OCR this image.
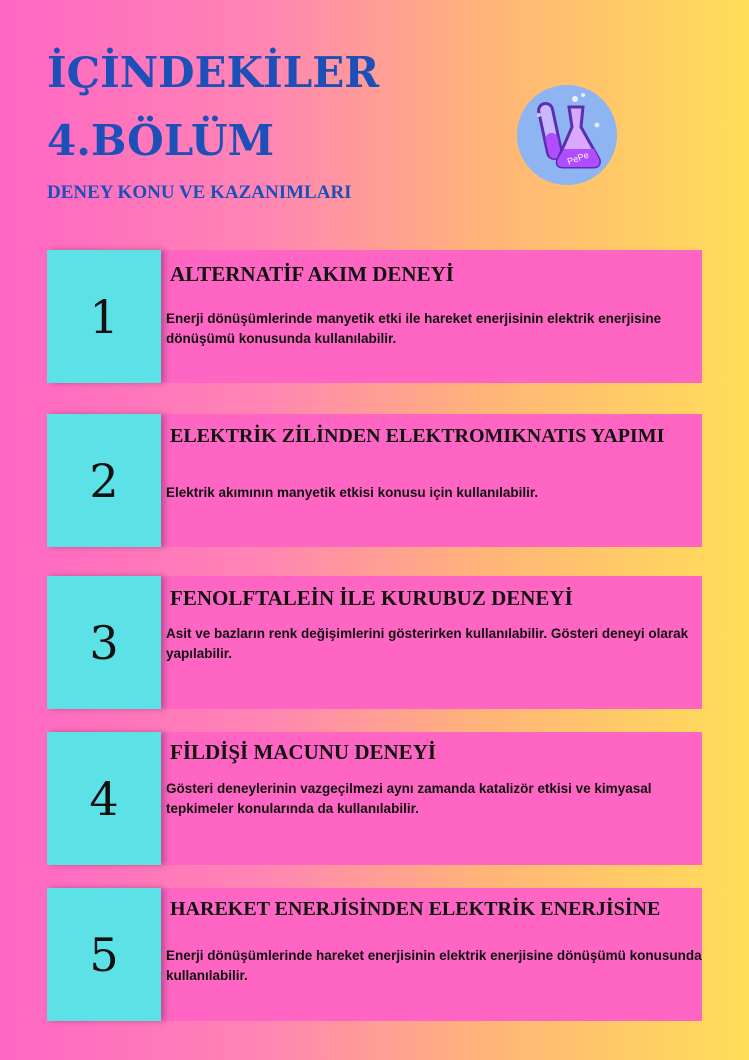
İÇİNDEKİLER
4.BÖLÜM
DENEY KONU VE KAZANIMLARI
PePe
1

ALTERNATİF AKIM DENEYİ

Enerji dönüşümlerinde manyetik etki ile hareket enerjisinin elektrik enerjisine dönüşümü konusunda kullanılabilir.

2

ELEKTRİK ZİLİNDEN ELEKTROMIKNATIS YAPIMI

Elektrik akımının manyetik etkisi konusu için kullanılabilir.

3

FENOLFTALEİN İLE KURUBUZ DENEYİ

Asit ve bazların renk değişimlerini gösterirken kullanılabilir. Gösteri deneyi olarak yapılabilir.

4

FİLDİŞİ MACUNU DENEYİ

Gösteri deneylerinin vazgeçilmezi aynı zamanda katalizör etkisi ve kimyasal tepkimeler konularında da kullanılabilir.

5

HAREKET ENERJİSİNDEN ELEKTRİK ENERJİSİNE

Enerji dönüşümlerinde hareket enerjisinin elektrik enerjisine dönüşümü konusunda kullanılabilir.
